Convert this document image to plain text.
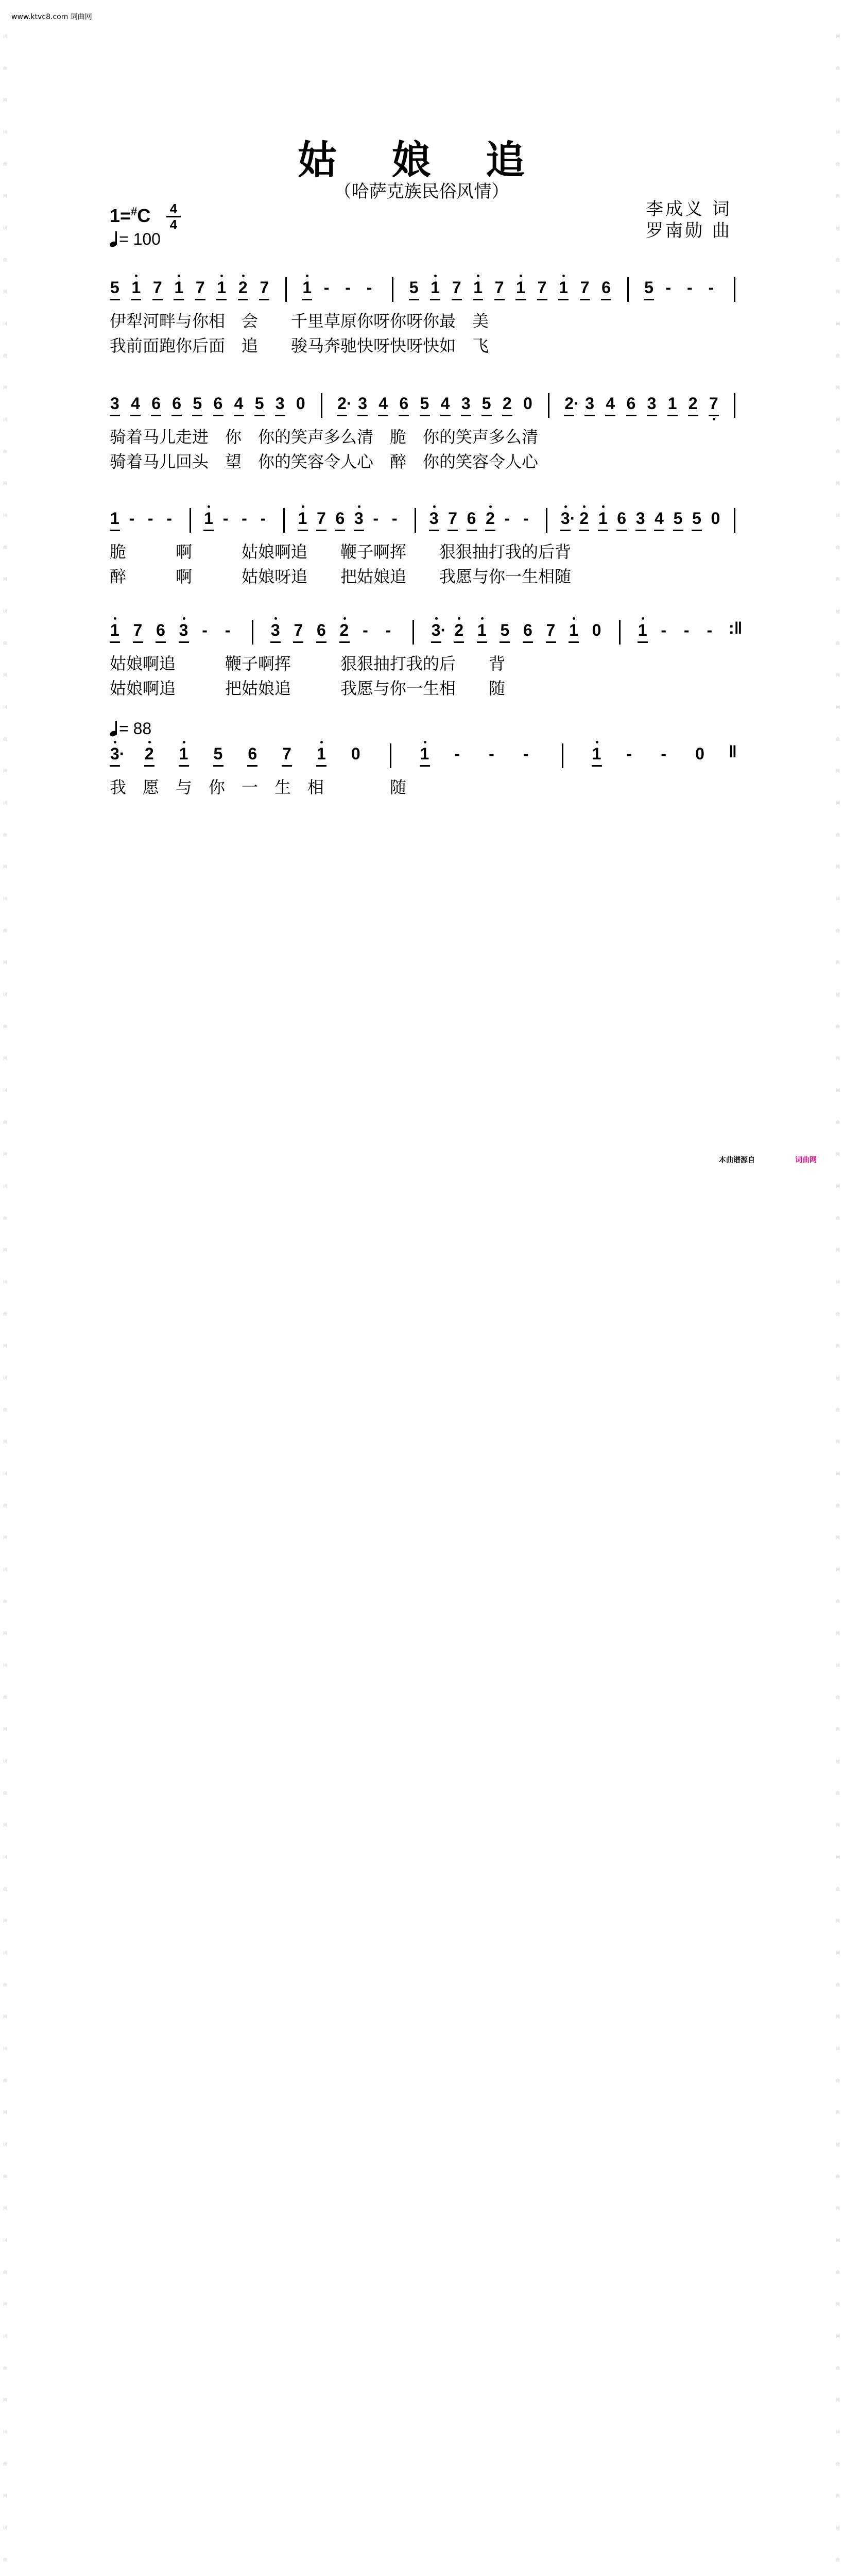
www.ktvc8.com 词曲网
词曲网
词曲网
词曲网
词曲网
词曲网
词曲网
词曲网
词曲网
词曲网
词曲网
词曲网
词曲网
词曲网
词曲网
词曲网
词曲网
词曲网
词曲网
词曲网
词曲网
词曲网
词曲网
词曲网
词曲网
词曲网
词曲网
词曲
词曲网
词曲网
词曲网
词曲网
词曲网
词曲网
词曲网
词曲网
词曲网
词曲网
词曲网
词曲网
词曲网
词曲网
词曲网
词曲网
词曲网
词曲网
词曲网
词曲网
词曲网
词曲网
词曲网
词曲网
词曲网
词曲网
词曲
姑 娘 追
（哈萨克族民俗风情）
李成义 词
罗南勋 曲
1=#C 4
4
= 100
= 88
5 1 7 1 7 1 2 7 1 - - - 5 1 7 1 7 1 7 1 7 6 5 - - -
伊犁河畔与你相　会　　千里草原你呀你呀你最　美
我前面跑你后面　追　　骏马奔驰快呀快呀快如　飞
3 4 6 6 5 6 4 5 3 0 2· 3 4 6 5 4 3 5 2 0 2· 3 4 6 3 1 2 7
骑着马儿走进　你　你的笑声多么清　脆　你的笑声多么清
骑着马儿回头　望　你的笑容令人心　醉　你的笑容令人心
1 - - - 1 - - - 1 7 6 3 - - 3 7 6 2 - - 3· 2 1 6 3 4 5 5 0
脆　　　啊　　　姑娘啊追　　鞭子啊挥　　狠狠抽打我的后背
醉　　　啊　　　姑娘呀追　　把姑娘追　　我愿与你一生相随
1 7 6 3 - - 3 7 6 2 - - 3· 2 1 5 6 7 1 0 1 - - - :‖
姑娘啊追　　　鞭子啊挥　　　狠狠抽打我的后　　背
姑娘啊追　　　把姑娘追　　　我愿与你一生相　　随
3· 2 1 5 6 7 1 0	1 - - -	1 - - 0 ‖
我　愿　与　你　一　生　相　　　　随
本曲谱源自	词曲网
